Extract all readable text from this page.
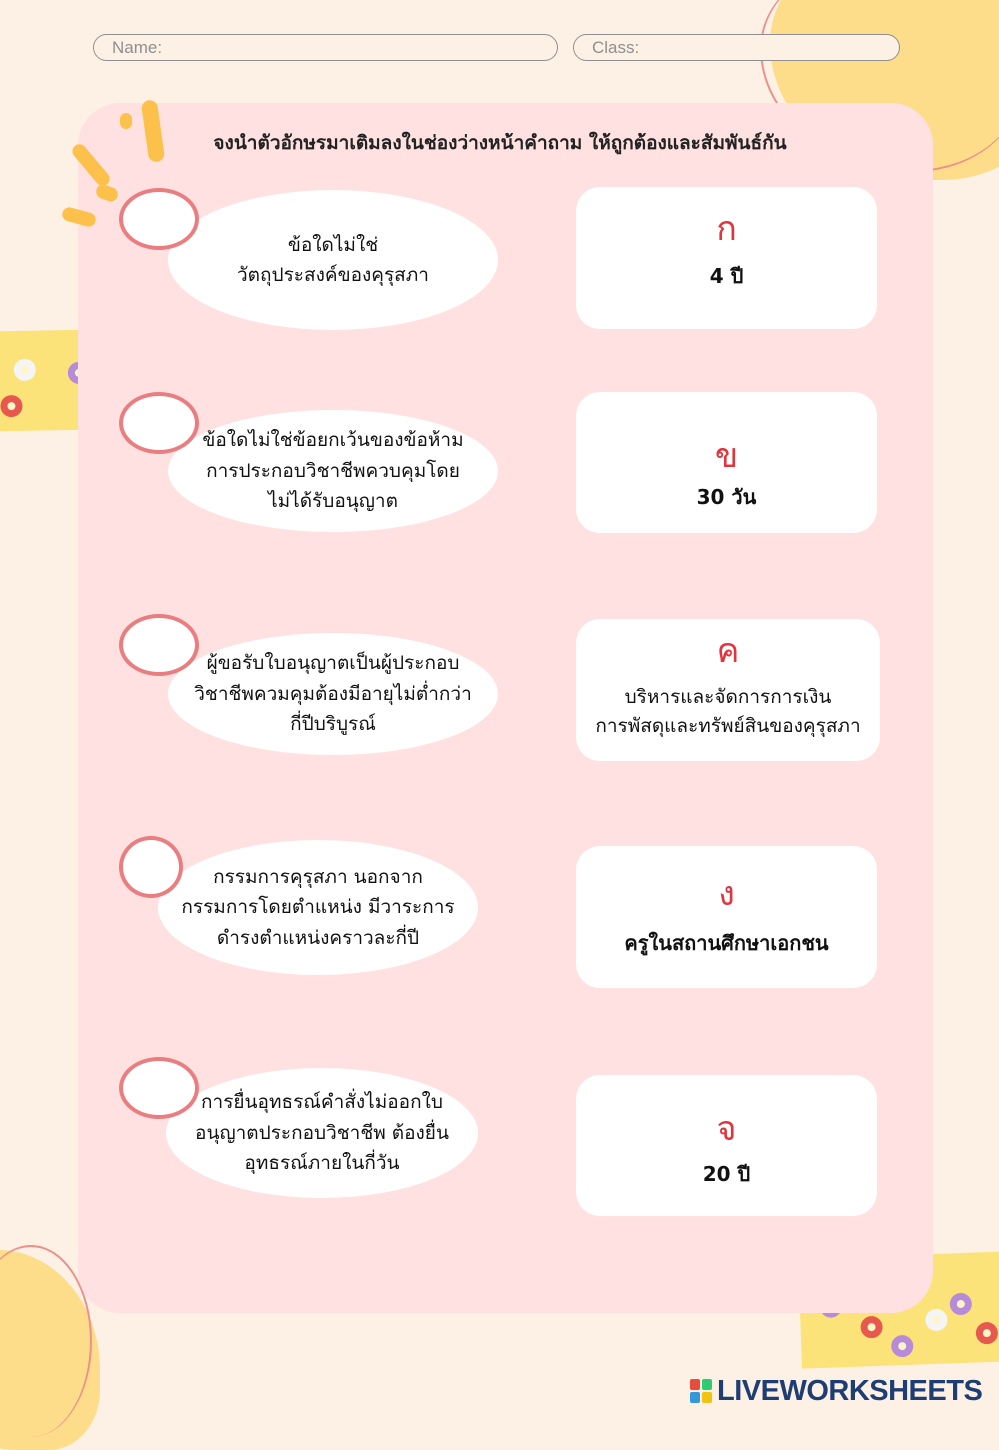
Name:	Class:
จงนำตัวอักษรมาเติมลงในช่องว่างหน้าคำถาม ให้ถูกต้องและสัมพันธ์กัน
ข้อใดไม่ใช่
วัตถุประสงค์ของคุรุสภา
ข้อใดไม่ใช่ข้อยกเว้นของข้อห้าม
การประกอบวิชาชีพควบคุมโดย
ไม่ได้รับอนุญาต
ผู้ขอรับใบอนุญาตเป็นผู้ประกอบ
วิชาชีพควมคุมต้องมีอายุไม่ต่ำกว่า
กี่ปีบริบูรณ์
กรรมการคุรุสภา นอกจาก
กรรมการโดยตำแหน่ง มีวาระการ
ดำรงตำแหน่งคราวละกี่ปี
การยื่นอุทธรณ์คำสั่งไม่ออกใบ
อนุญาตประกอบวิชาชีพ ต้องยื่น
อุทธรณ์ภายในกี่วัน
ก
4 ปี
ข
30 วัน
ค
บริหารและจัดการการเงิน
การพัสดุและทรัพย์สินของคุรุสภา
ง
ครูในสถานศึกษาเอกชน
จ
20 ปี
LIVEWORKSHEETS
